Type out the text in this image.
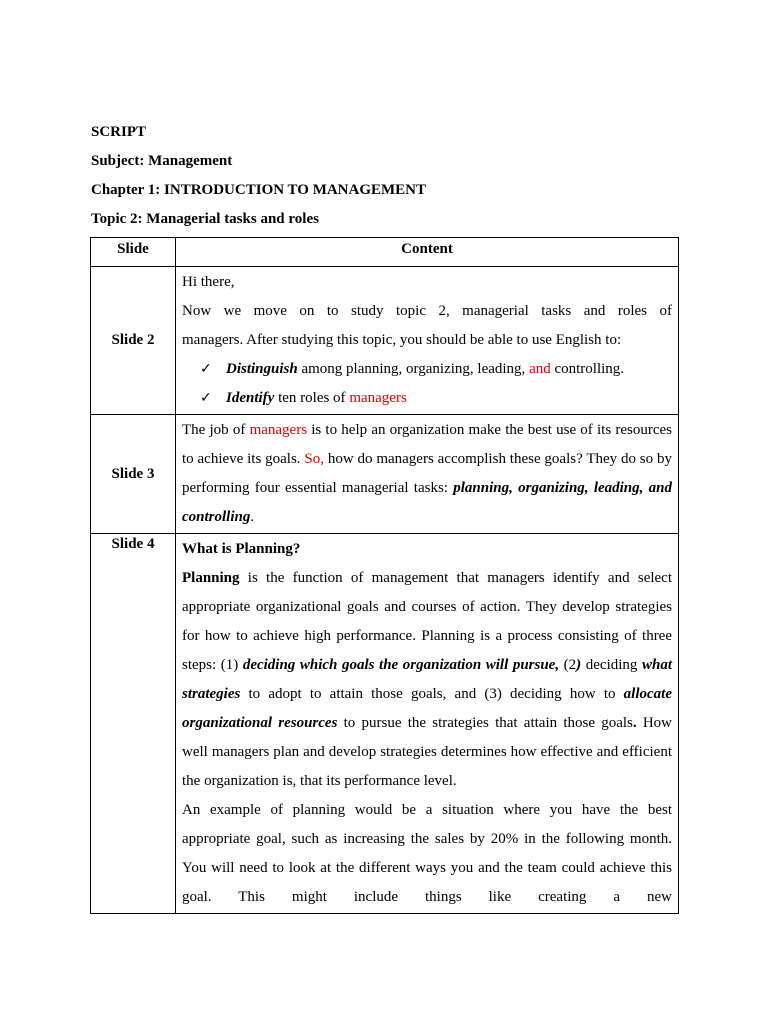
SCRIPT
Subject: Management
Chapter 1: INTRODUCTION TO MANAGEMENT
Topic 2: Managerial tasks and roles
Slide	Content
Slide 2	Hi there,

Now we move on to study topic 2, managerial tasks and roles of

managers. After studying this topic, you should be able to use English to:

✓ Distinguish among planning, organizing, leading, and controlling.
✓ Identify ten roles of managers

Slide 3	The job of managers is to help an organization make the best use of its resources to achieve its goals. So, how do managers accomplish these goals? They do so by performing four essential managerial tasks: planning, organizing, leading, and controlling.

Slide 4	What is Planning?

Planning is the function of management that managers identify and select appropriate organizational goals and courses of action. They develop strategies for how to achieve high performance. Planning is a process consisting of three steps: (1) deciding which goals the organization will pursue, (2) deciding what strategies to adopt to attain those goals, and (3) deciding how to allocate organizational resources to pursue the strategies that attain those goals. How well managers plan and develop strategies determines how effective and efficient the organization is, that its performance level.

An example of planning would be a situation where you have the best appropriate goal, such as increasing the sales by 20% in the following month. You will need to look at the different ways you and the team could achieve this goal. This might include things like creating a new
